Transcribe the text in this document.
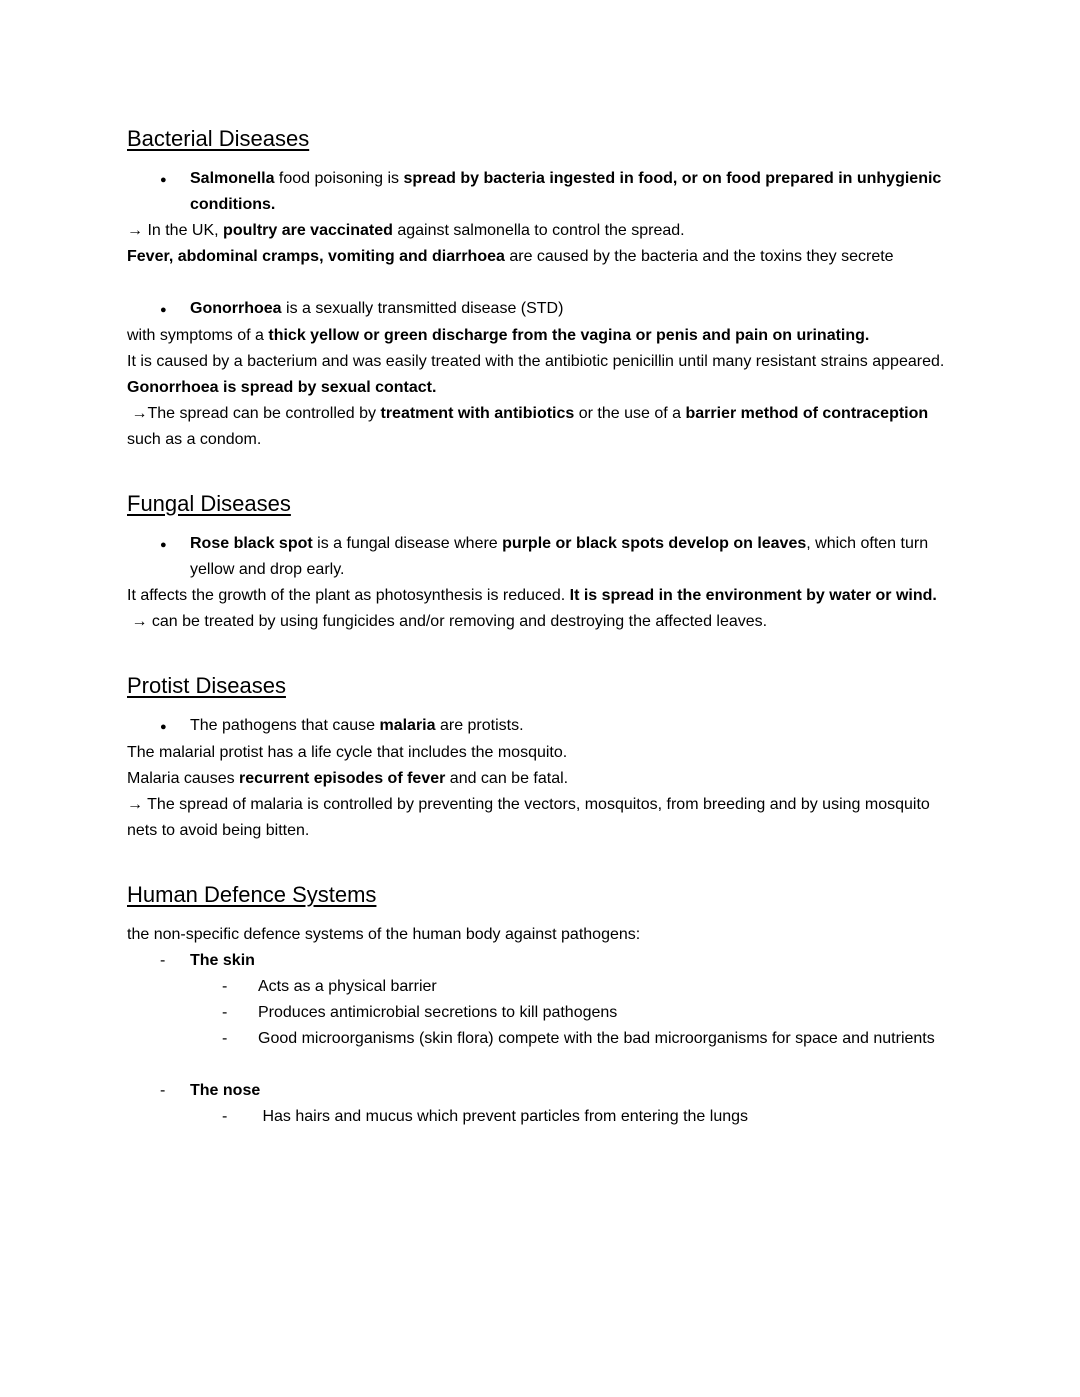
Bacterial Diseases
●	Salmonella food poisoning is spread by bacteria ingested in food, or on food prepared in unhygienic conditions.
→ In the UK, poultry are vaccinated against salmonella to control the spread.
Fever, abdominal cramps, vomiting and diarrhoea are caused by the bacteria and the toxins they secrete
●	Gonorrhoea is a sexually transmitted disease (STD)
with symptoms of a thick yellow or green discharge from the vagina or penis and pain on urinating.
It is caused by a bacterium and was easily treated with the antibiotic penicillin until many resistant strains appeared. Gonorrhoea is spread by sexual contact.
→The spread can be controlled by treatment with antibiotics or the use of a barrier method of contraception such as a condom.
Fungal Diseases
●	Rose black spot is a fungal disease where purple or black spots develop on leaves, which often turn yellow and drop early.
It affects the growth of the plant as photosynthesis is reduced. It is spread in the environment by water or wind.
→ can be treated by using fungicides and/or removing and destroying the affected leaves.
Protist Diseases
●	The pathogens that cause malaria are protists.
The malarial protist has a life cycle that includes the mosquito.
Malaria causes recurrent episodes of fever and can be fatal.
→ The spread of malaria is controlled by preventing the vectors, mosquitos, from breeding and by using mosquito nets to avoid being bitten.
Human Defence Systems
the non-specific defence systems of the human body against pathogens:
-	The skin
-	Acts as a physical barrier
-	Produces antimicrobial secretions to kill pathogens
-	Good microorganisms (skin flora) compete with the bad microorganisms for space and nutrients
-	The nose
-	Has hairs and mucus which prevent particles from entering the lungs
